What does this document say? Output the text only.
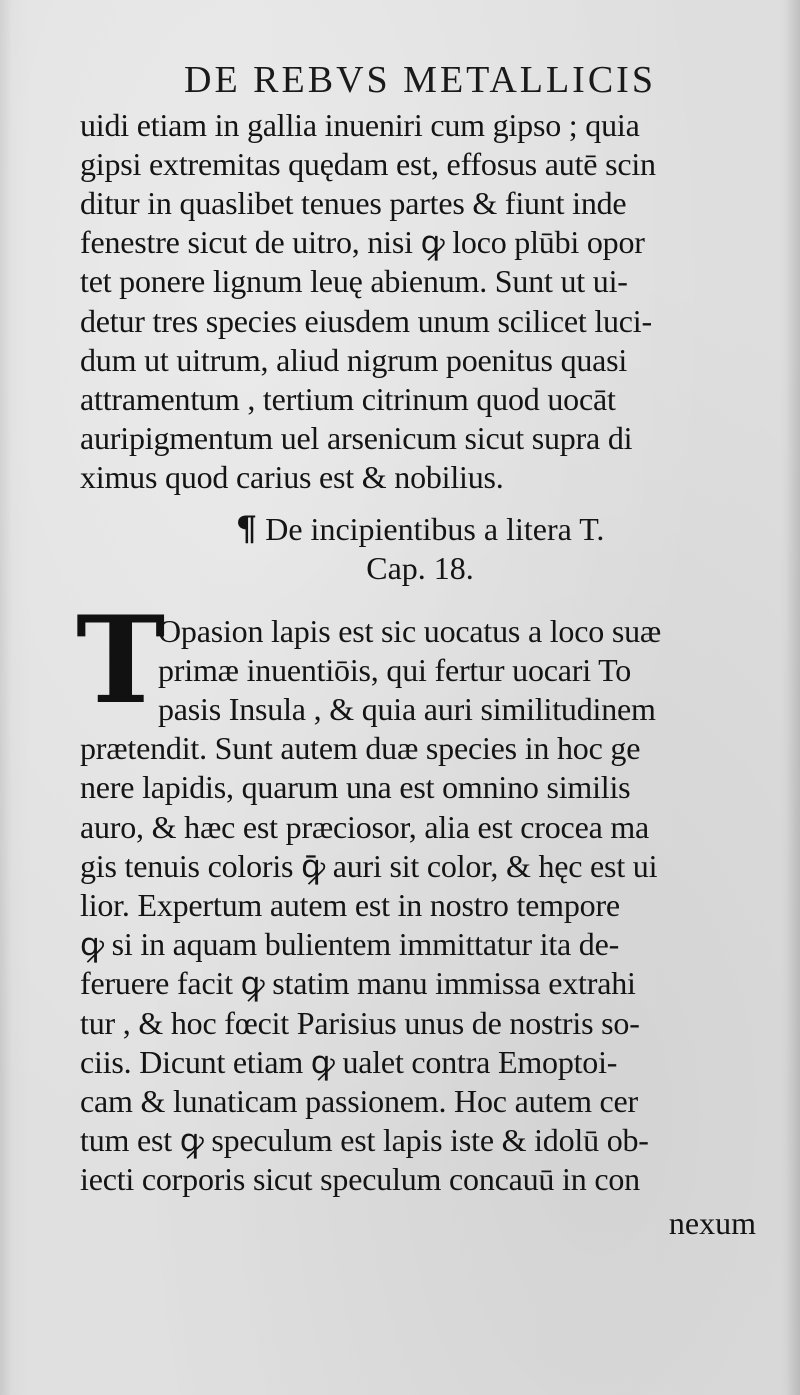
DE REBVS METALLICIS
uidi etiam in gallia inueniri cum gipso ; quia
gipsi extremitas quędam est, effosus autē scin
ditur in quaslibet tenues partes & fiunt inde
fenestre sicut de uitro, nisi ꝙ loco plūbi opor
tet ponere lignum leuę abienum. Sunt ut ui-
detur tres species eiusdem unum scilicet luci-
dum ut uitrum, aliud nigrum poenitus quasi
attramentum , tertium citrinum quod uocāt
auripigmentum uel arsenicum sicut supra di
ximus quod carius est & nobilius.
¶ De incipientibus a litera T.
Cap. 18.
T
Opasion lapis est sic uocatus a loco suæ
primæ inuentiōis, qui fertur uocari To
pasis Insula , & quia auri similitudinem
prætendit. Sunt autem duæ species in hoc ge
nere lapidis, quarum una est omnino similis
auro, & hæc est præciosor, alia est crocea ma
gis tenuis coloris ꝙ̄ auri sit color, & hęc est ui
lior. Expertum autem est in nostro tempore
ꝙ si in aquam bulientem immittatur ita de-
feruere facit ꝙ statim manu immissa extrahi
tur , & hoc fœcit Parisius unus de nostris so-
ciis. Dicunt etiam ꝙ ualet contra Emoptoi-
cam & lunaticam passionem. Hoc autem cer
tum est ꝙ speculum est lapis iste & idolū ob-
iecti corporis sicut speculum concauū in con
nexum
